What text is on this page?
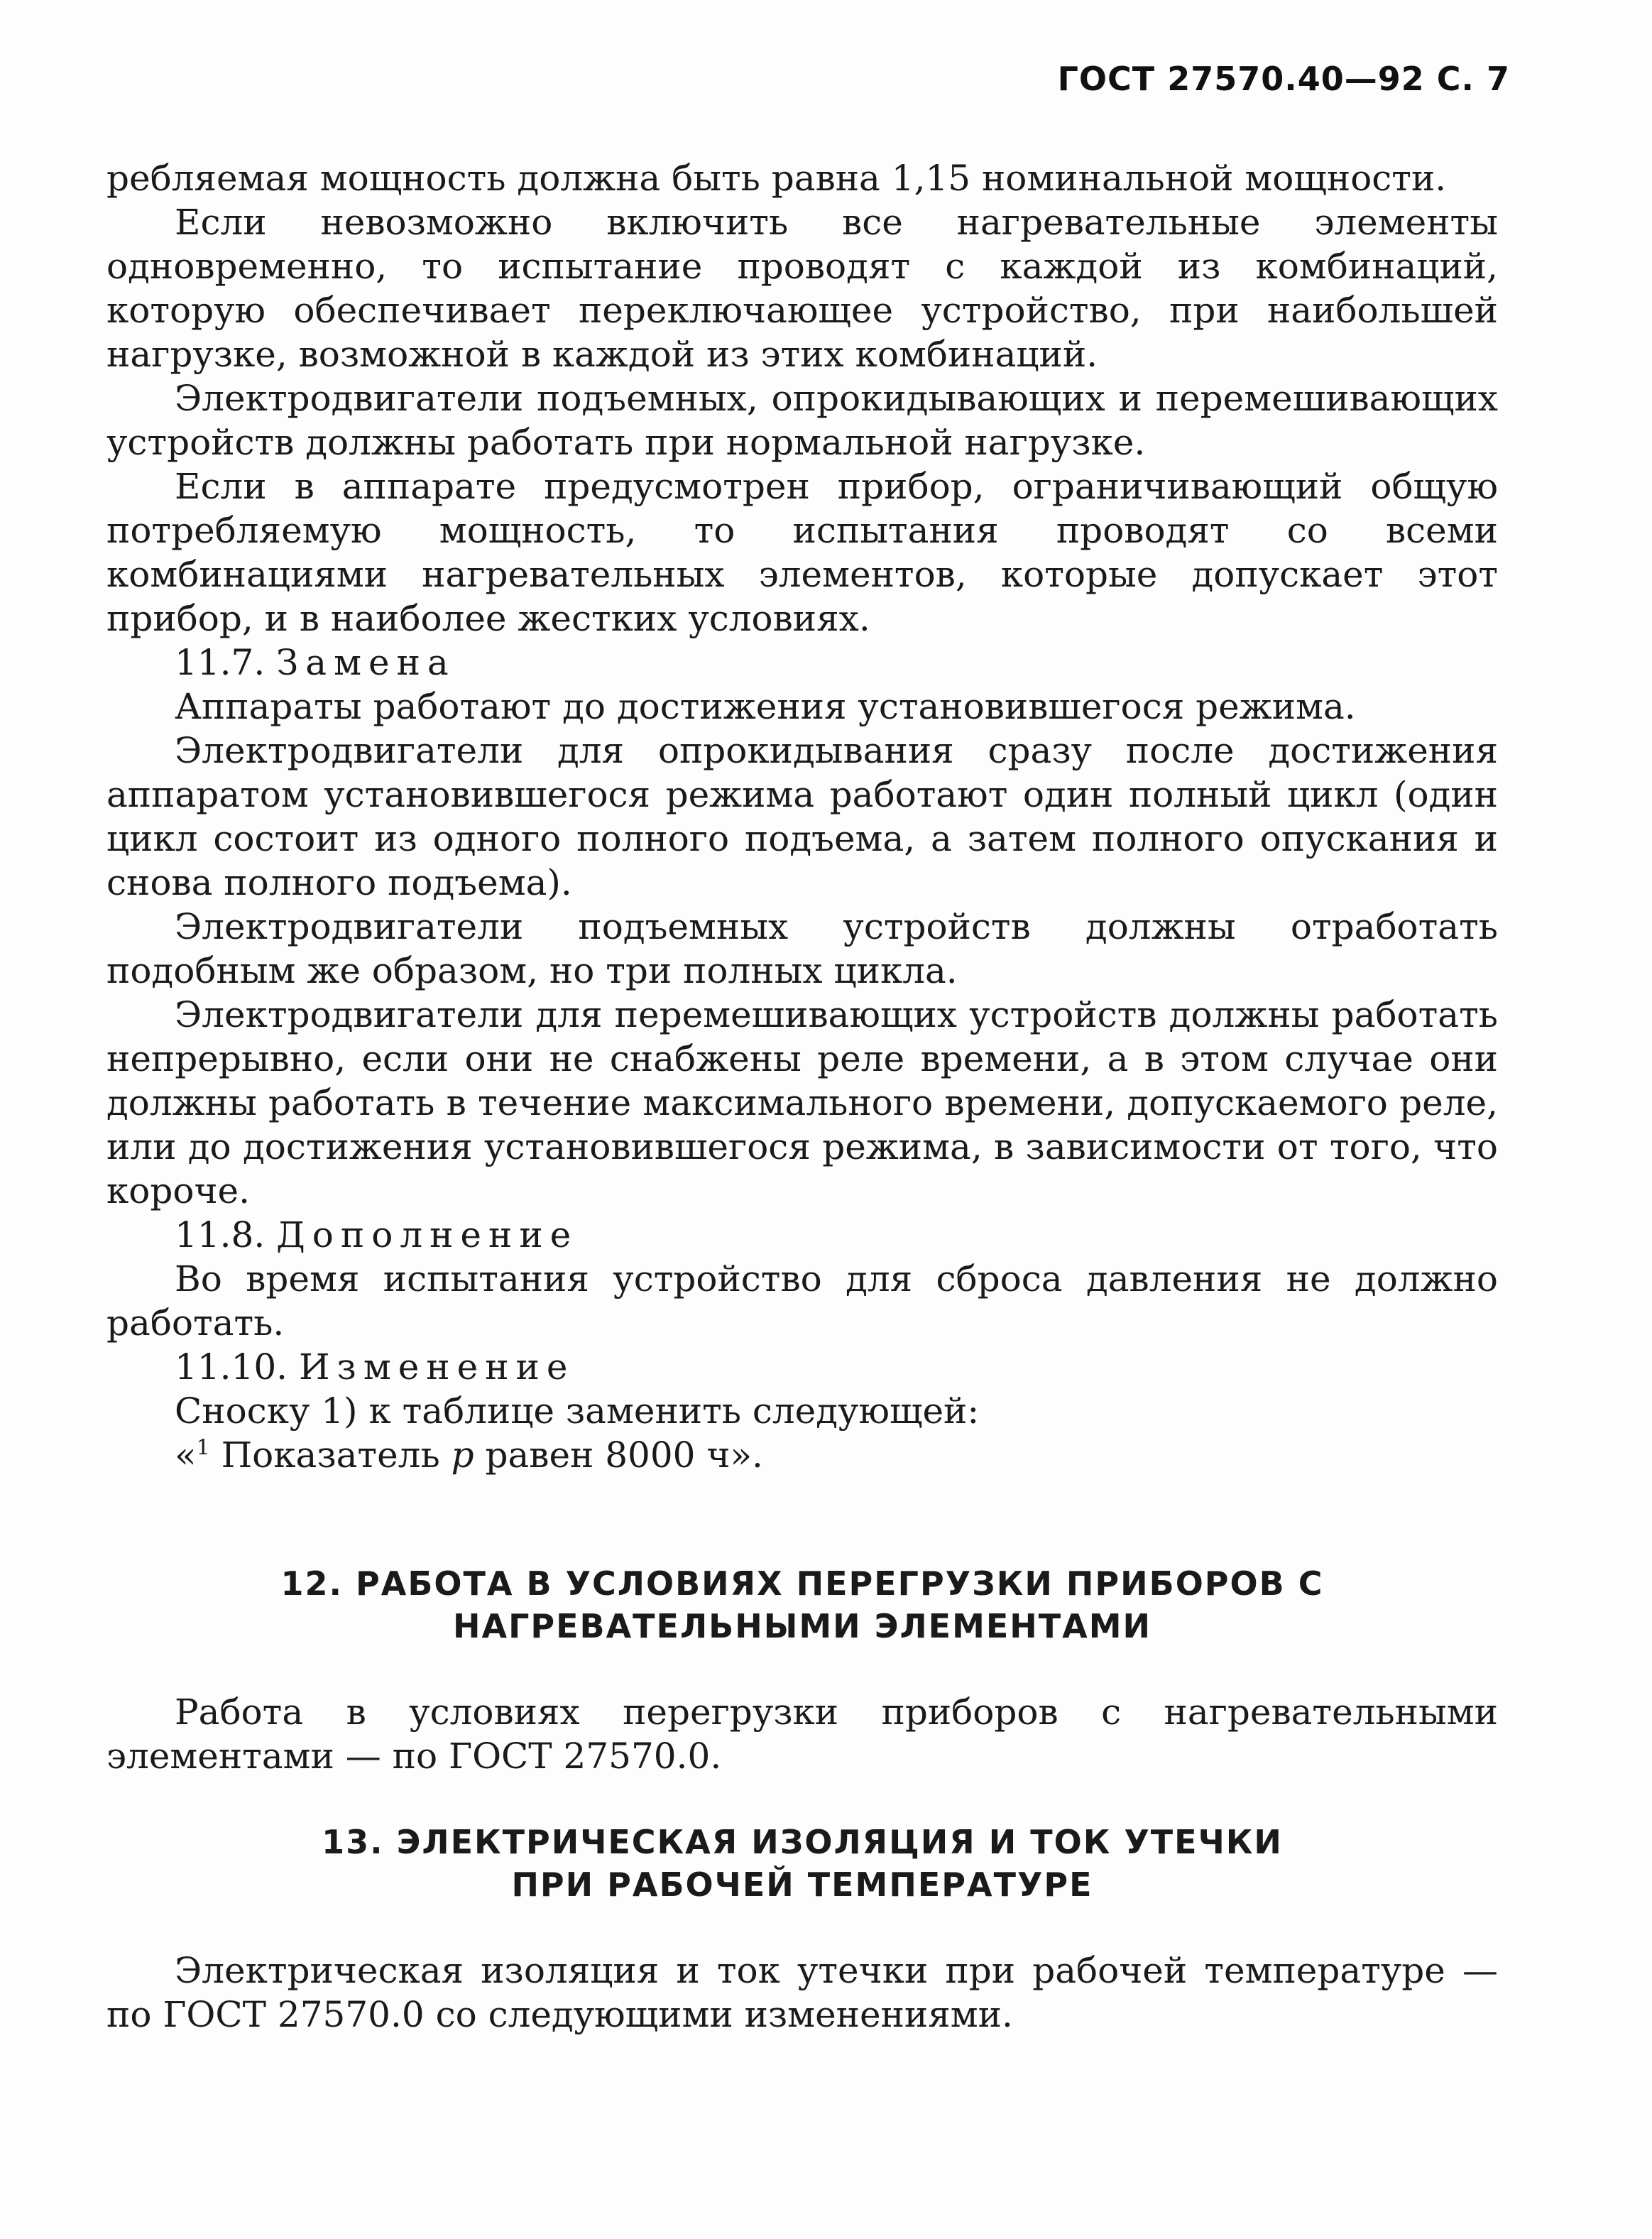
ГОСТ 27570.40—92 С. 7

ребляемая мощность должна быть равна 1,15 номинальной мощности.

Если невозможно включить все нагревательные элементы одновременно, то испытание проводят с каждой из комбинаций, которую обеспечивает переключающее устройство, при наибольшей нагрузке, возможной в каждой из этих комбинаций.

Электродвигатели подъемных, опрокидывающих и перемешивающих устройств должны работать при нормальной нагрузке.

Если в аппарате предусмотрен прибор, ограничивающий общую потребляемую мощность, то испытания проводят со всеми комбинациями нагревательных элементов, которые допускает этот прибор, и в наиболее жестких условиях.

11.7. Замена

Аппараты работают до достижения установившегося режима.

Электродвигатели для опрокидывания сразу после достижения аппаратом установившегося режима работают один полный цикл (один цикл состоит из одного полного подъема, а затем полного опускания и снова полного подъема).

Электродвигатели подъемных устройств должны отработать подобным же образом, но три полных цикла.

Электродвигатели для перемешивающих устройств должны работать непрерывно, если они не снабжены реле времени, а в этом случае они должны работать в течение максимального времени, допускаемого реле, или до достижения установившегося режима, в зависимости от того, что короче.

11.8. Дополнение

Во время испытания устройство для сброса давления не должно работать.

11.10. Изменение

Сноску 1) к таблице заменить следующей:

«$^1$ Показатель р равен 8000 ч».

12. РАБОТА В УСЛОВИЯХ ПЕРЕГРУЗКИ ПРИБОРОВ С
НАГРЕВАТЕЛЬНЫМИ ЭЛЕМЕНТАМИ

Работа в условиях перегрузки приборов с нагревательными элементами — по ГОСТ 27570.0.

13. ЭЛЕКТРИЧЕСКАЯ ИЗОЛЯЦИЯ И ТОК УТЕЧКИ
ПРИ РАБОЧЕЙ ТЕМПЕРАТУРЕ

Электрическая изоляция и ток утечки при рабочей температуре — по ГОСТ 27570.0 со следующими изменениями.
